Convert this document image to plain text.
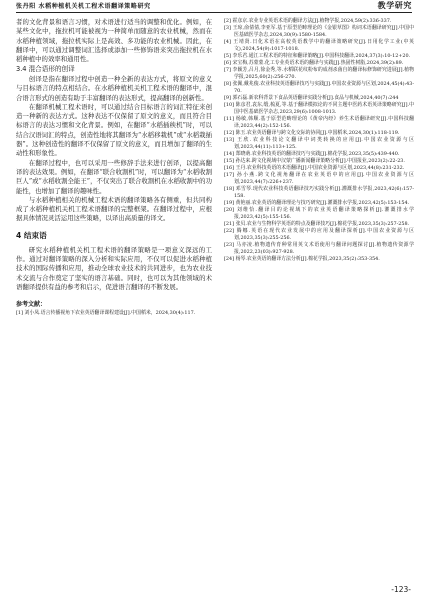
张丹阳 水稻种植机关机工程术语翻译策略研究	教学研究

者的文化背景和语言习惯，对术语进行适当的调整和优化。例如，在某些文化中，拖拉机可能被视为一种简单而随意的农业机械，然而在水稻种植领域，拖拉机实际上是高效、多功能的农业机械。因此，在翻译中，可以通过调整词汇选择或添加一些修饰语来突出拖拉机在水稻种植中的效率和通用性。

3.4 混合语形的创译

创译是指在翻译过程中创造一种全新的表达方式，将原文的意义与目标语言的特点相结合。在水稻种植机关机工程术语的翻译中，混合语言形式的创造有助于丰富翻译的表达形式，提高翻译的创新性。

在翻译机械工程术语时，可以通过结合目标语言的词汇特征来创造一种新的表达方式。这种表达不仅保留了原文的意义，而且符合目标语言的表达习惯和文化背景。例如，在翻译“水稻插秧机”时，可以结合汉语词汇的特点，创造性地将其翻译为“水稻移栽机”或“水稻栽插器”。这种创造性的翻译不仅保留了原文的意义，而且增加了翻译的生动性和形象性。

在翻译过程中，也可以采用一些修辞手法来进行创译，以提高翻译的表达效果。例如，在翻译“联合收割机”时，可以翻译为“水稻收割巨人”或“水稻收割全能王”，不仅突出了联合收割机在水稻收割中的功能性，也增加了翻译的趣味性。

与水稻种植相关的机械工程术语的翻译策略各有侧重，但共同构成了水稻种植机关机工程术语翻译的完整框架。在翻译过程中，应根据具体情况灵活运用这些策略，以译出高质量的译文。

4 结束语

研究水稻种植机关机工程术语的翻译策略是一项意义深远的工作。通过对翻译策略的深入分析和实际应用，不仅可以促进水稻种植技术的国际传播和应用，推动全球农业技术的共同进步，也为农业技术交流与合作奠定了坚实的语言基础。同时，也可以为其他领域的术语翻译提供有益的参考和启示，促进语言翻译的不断发展。

参考文献：

[1] 刘小凤.语言传播视角下农业英语翻译课程建设[J].中国稻米，2024,30(4):117.
[2] 霍彦京.农业专业英语术语的翻译方法[J].植物学报,2024,59(2):336-337.
[3] 王琼,俞倩倩,李亚军.基于原型范畴理论的《金银草图》构词术语翻译研究[J].中国中医基础医学杂志,2024,30(9):1580-1584.
[4] 王靖贤.日化术语在高校英语教学中的翻译策略研究[J].日用化学工业(中英文),2024,54(9):1017-1018.
[5] 李乐君.通江工程术语的特征和翻译策略[J].中国科技翻译,2024,37(3):10-12+20.
[6] 宋宝梅,苏蒙蒙.化工专业英语术语的翻译与实践[J].热固性树脂,2024,39(2):89.
[7] 李颖芳,吕月,徐金秀,等.水稻联花纹粉布的成剂杀菌自的翻译标修饰研究进展[J].植物学报,2025,60(2):256-270.
[8] 张佩,戴兆俊.农业科技英语翻译技巧与实践[J].中国农业资源与区划,2024,45(4):43-70.
[9] 郭石磊.新农科背景下食品英语翻译实践分析[J].食品与机械,2024,40(7):244
[10] 陈彦君,袁东,缎,梳夏,等.基于翻译模拟论的不同主题中医药术语英译策略研究[J].中国中医基础医学杂志,2023,29(6):1008-1013.
[11] 杨敏,韩顺.基于原型范畴理论的《黄帝内经》养生术语翻译研究[J].中国科技翻译,2023,44(2):152-156.
[12] 陈玉.农业英语翻译与跨文化交际的协同[J].中国稻米,2024,30(1):118-119.
[13] 王欣.农业科技论文翻译中词类转换的应用[J].中国农业资源与区划,2023,44(11):113+125.
[14] 郑晓萌.农业科技英语的翻译技巧与实践[J].棉花学报,2023,35(5):439-440.
[15] 孙达来.跨文化视域中汉蒙广播新闻翻译策略分析[J].中国报业,2023(2):22-23.
[16] 王丹.农业科技英语的术语翻译[J].中国农业资源与区划,2023,44(8):231-232.
[17] 孙小燕.跨文化视角翻译在农业英语中的应用[J].中国农业资源与区划,2023,44(7):226+237.
[18] 邓雪琴.现代农业科技英语翻译技巧实践分析[J].灌溉排水学报,2023,42(6):157-158.
[19] 黄艳丽.农业英语的翻译理论与技巧研究[J].灌溉排水学报,2023,42(5):153-154.
[20] 刘维恰.翻译目的论视域下的农业英语翻译策略探析[J].灌溉排水学报,2023,42(5):155-156.
[21] 张贝.农业与生物科学英语的特点及翻译技巧[J].棉花学报,2023,35(3):257-258.
[22] 腾娜.英语在现代农业发展中的应用及翻译探析[J].中国农业资源与区划,2023,35(3):255-256.
[23] 马亦凌.植物遗传育种常用英文术语使用与翻译问题探讨[J].植物遗传资源学报,2022,23(03):927-928.
[24] 杨琴.农业英语的翻译方法分析[J].棉花学报,2023,35(2):353-354.
-123-
